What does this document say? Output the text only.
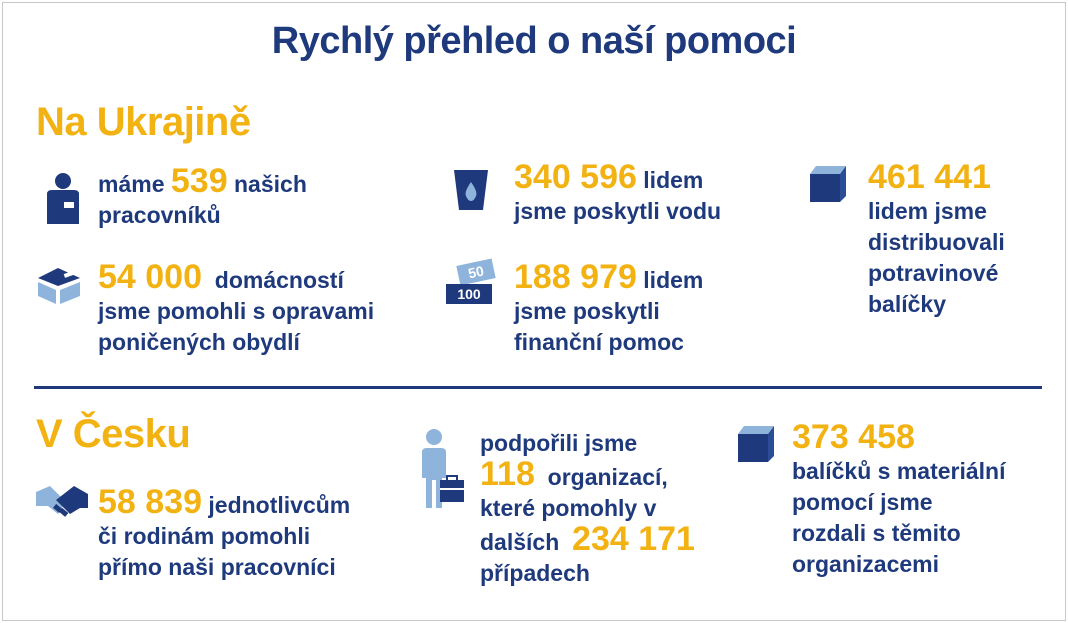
Rychlý přehled o naší pomoci
Na Ukrajině
máme 539 našich
pracovníků
340 596 lidem
jsme poskytli vodu
461 441
lidem jsme
distribuovali
potravinové
balíčky
54 000 domácností
jsme pomohli s opravami
poničených obydlí
50
100 188 979 lidem
jsme poskytli
finanční pomoc
V Česku
58 839 jednotlivcům
či rodinám pomohli
přímo naši pracovníci
podpořili jsme
118 organizací,
které pomohly v
dalších 234 171
případech
373 458
balíčků s materiální
pomocí jsme
rozdali s těmito
organizacemi
